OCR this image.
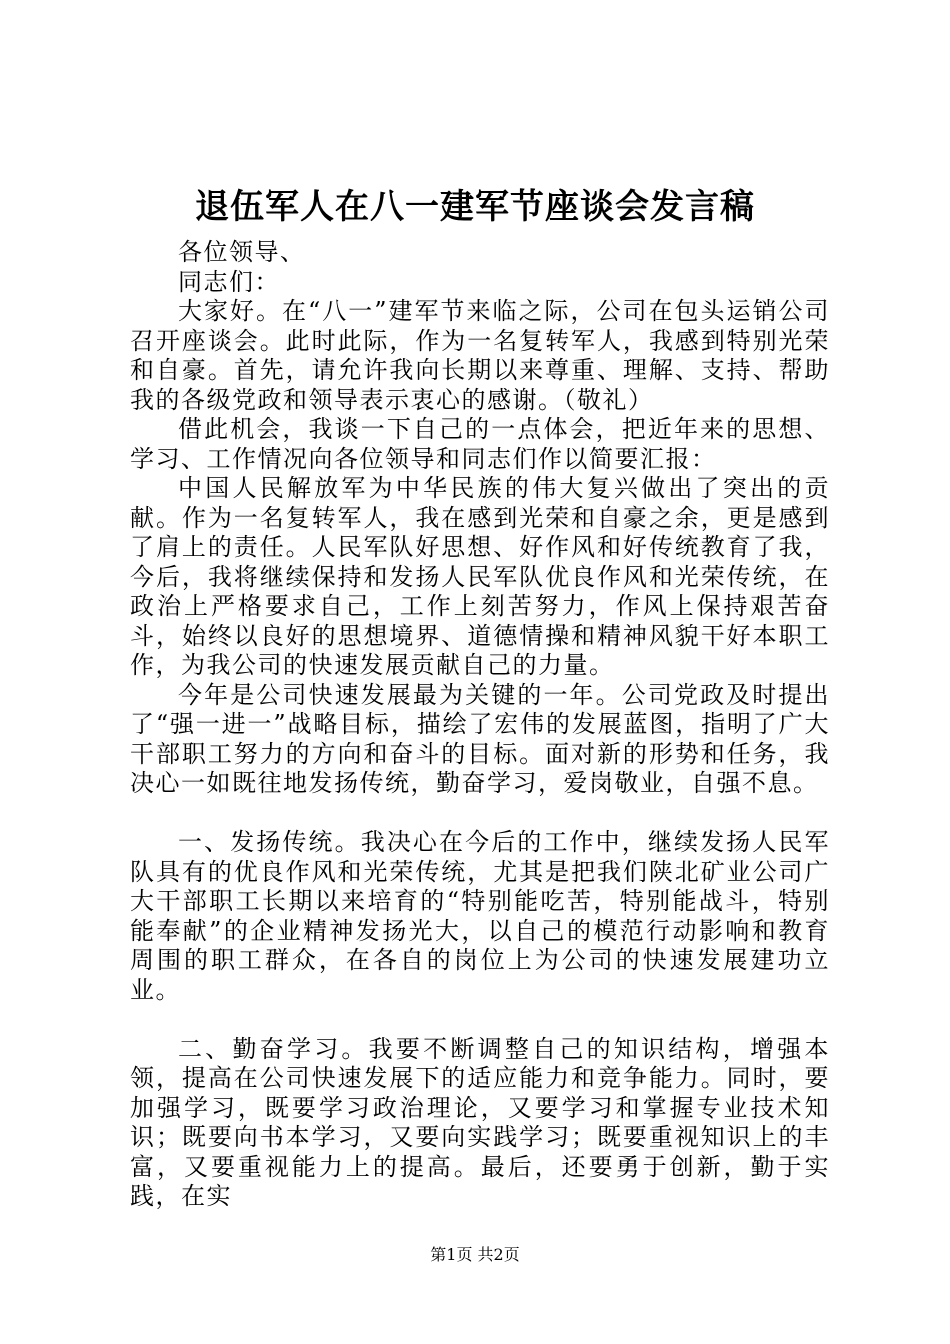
退伍军人在八一建军节座谈会发言稿

各位领导、

同志们：

大家好。在“八一”建军节来临之际，公司在包头运销公司召开座谈会。此时此际，作为一名复转军人，我感到特别光荣和自豪。首先，请允许我向长期以来尊重、理解、支持、帮助我的各级党政和领导表示衷心的感谢。（敬礼）

借此机会，我谈一下自己的一点体会，把近年来的思想、学习、工作情况向各位领导和同志们作以简要汇报：

中国人民解放军为中华民族的伟大复兴做出了突出的贡献。作为一名复转军人，我在感到光荣和自豪之余，更是感到了肩上的责任。人民军队好思想、好作风和好传统教育了我，今后，我将继续保持和发扬人民军队优良作风和光荣传统，在政治上严格要求自己，工作上刻苦努力，作风上保持艰苦奋斗，始终以良好的思想境界、道德情操和精神风貌干好本职工作，为我公司的快速发展贡献自己的力量。

今年是公司快速发展最为关键的一年。公司党政及时提出了“强一进一”战略目标，描绘了宏伟的发展蓝图，指明了广大干部职工努力的方向和奋斗的目标。面对新的形势和任务，我决心一如既往地发扬传统，勤奋学习，爱岗敬业，自强不息。

一、发扬传统。我决心在今后的工作中，继续发扬人民军队具有的优良作风和光荣传统，尤其是把我们陕北矿业公司广大干部职工长期以来培育的“特别能吃苦，特别能战斗，特别能奉献”的企业精神发扬光大，以自己的模范行动影响和教育周围的职工群众，在各自的岗位上为公司的快速发展建功立业。

二、勤奋学习。我要不断调整自己的知识结构，增强本领，提高在公司快速发展下的适应能力和竞争能力。同时，要加强学习，既要学习政治理论，又要学习和掌握专业技术知识；既要向书本学习，又要向实践学习；既要重视知识上的丰富，又要重视能力上的提高。最后，还要勇于创新，勤于实践，在实

第1页 共2页
